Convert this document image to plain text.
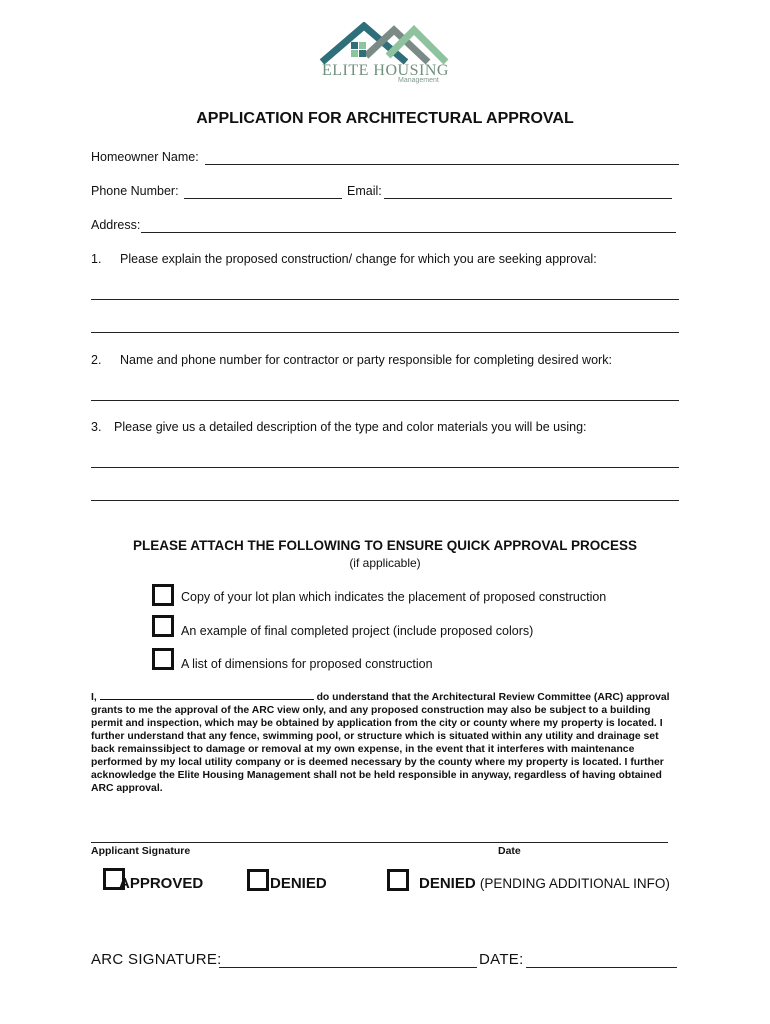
ELITE HOUSING
Management
APPLICATION FOR ARCHITECTURAL APPROVAL
Homeowner Name:
Phone Number:	Email:
Address:
1. Please explain the proposed construction/ change for which you are seeking approval:
2. Name and phone number for contractor or party responsible for completing desired work:
3. Please give us a detailed description of the type and color materials you will be using:
PLEASE ATTACH THE FOLLOWING TO ENSURE QUICK APPROVAL PROCESS
(if applicable)
Copy of your lot plan which indicates the placement of proposed construction
An example of final completed project (include proposed colors)
A list of dimensions for proposed construction
I,	do understand that the Architectural Review Committee (ARC) approval grants to me the approval of the ARC view only, and any proposed construction may also be subject to a building permit and inspection, which may be obtained by application from the city or county where my property is located. I further understand that any fence, swimming pool, or structure which is situated within any utility and drainage set back remainssibject to damage or removal at my own expense, in the event that it interferes with maintenance performed by my local utility company or is deemed necessary by the county where my property is located. I further acknowledge the Elite Housing Management shall not be held responsible in anyway, regardless of having obtained ARC approval.
Applicant Signature	Date
APPROVED	DENIED	DENIED (PENDING ADDITIONAL INFO)
ARC SIGNATURE:	DATE:
